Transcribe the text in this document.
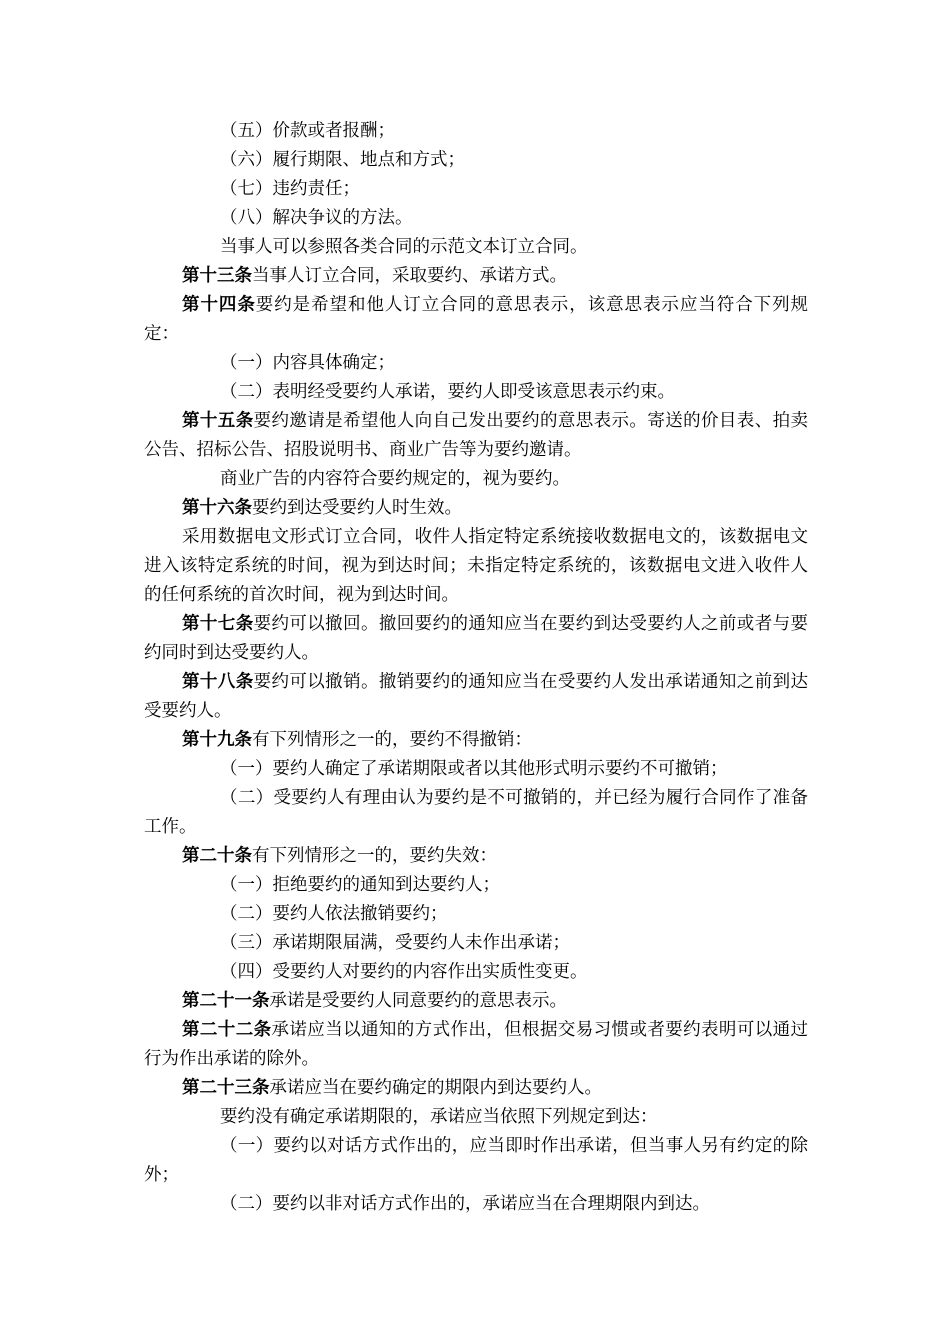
（五）价款或者报酬；

（六）履行期限、地点和方式；

（七）违约责任；

（八）解决争议的方法。

当事人可以参照各类合同的示范文本订立合同。

第十三条当事人订立合同，采取要约、承诺方式。

第十四条要约是希望和他人订立合同的意思表示，该意思表示应当符合下列规定：

（一）内容具体确定；

（二）表明经受要约人承诺，要约人即受该意思表示约束。

第十五条要约邀请是希望他人向自己发出要约的意思表示。寄送的价目表、拍卖公告、招标公告、招股说明书、商业广告等为要约邀请。

商业广告的内容符合要约规定的，视为要约。

第十六条要约到达受要约人时生效。

采用数据电文形式订立合同，收件人指定特定系统接收数据电文的，该数据电文进入该特定系统的时间，视为到达时间；未指定特定系统的，该数据电文进入收件人的任何系统的首次时间，视为到达时间。

第十七条要约可以撤回。撤回要约的通知应当在要约到达受要约人之前或者与要约同时到达受要约人。

第十八条要约可以撤销。撤销要约的通知应当在受要约人发出承诺通知之前到达受要约人。

第十九条有下列情形之一的，要约不得撤销：

（一）要约人确定了承诺期限或者以其他形式明示要约不可撤销；

（二）受要约人有理由认为要约是不可撤销的，并已经为履行合同作了准备工作。

第二十条有下列情形之一的，要约失效：

（一）拒绝要约的通知到达要约人；

（二）要约人依法撤销要约；

（三）承诺期限届满，受要约人未作出承诺；

（四）受要约人对要约的内容作出实质性变更。

第二十一条承诺是受要约人同意要约的意思表示。

第二十二条承诺应当以通知的方式作出，但根据交易习惯或者要约表明可以通过行为作出承诺的除外。

第二十三条承诺应当在要约确定的期限内到达要约人。

要约没有确定承诺期限的，承诺应当依照下列规定到达：

（一）要约以对话方式作出的，应当即时作出承诺，但当事人另有约定的除外；

（二）要约以非对话方式作出的，承诺应当在合理期限内到达。
